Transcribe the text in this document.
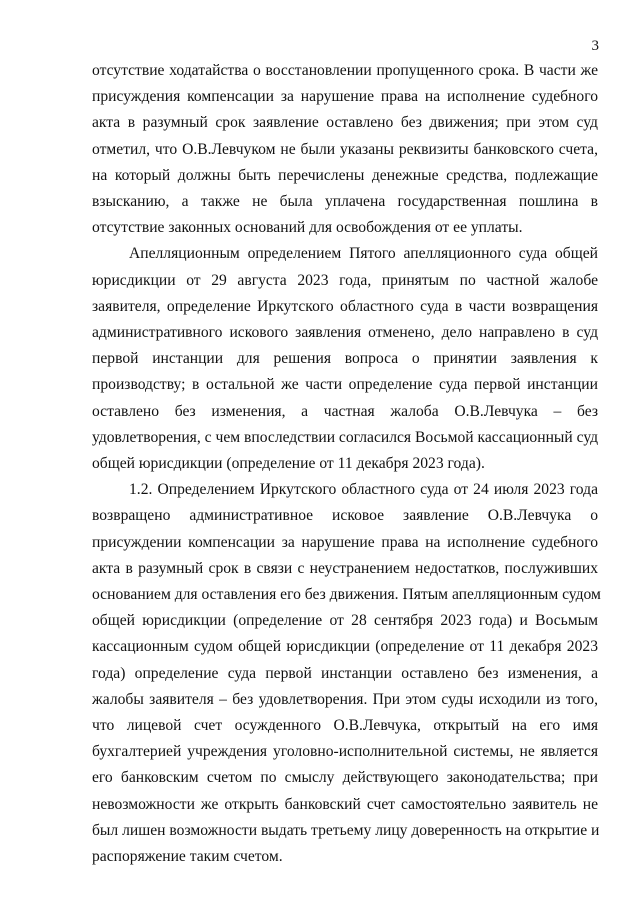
3

отсутствие ходатайства о восстановлении пропущенного срока. В части же
присуждения компенсации за нарушение права на исполнение судебного
акта в разумный срок заявление оставлено без движения; при этом суд
отметил, что О.В.Левчуком не были указаны реквизиты банковского счета,
на который должны быть перечислены денежные средства, подлежащие
взысканию, а также не была уплачена государственная пошлина в
отсутствие законных оснований для освобождения от ее уплаты.

Апелляционным определением Пятого апелляционного суда общей
юрисдикции от 29 августа 2023 года, принятым по частной жалобе
заявителя, определение Иркутского областного суда в части возвращения
административного искового заявления отменено, дело направлено в суд
первой инстанции для решения вопроса о принятии заявления к
производству; в остальной же части определение суда первой инстанции
оставлено без изменения, а частная жалоба О.В.Левчука – без
удовлетворения, с чем впоследствии согласился Восьмой кассационный суд
общей юрисдикции (определение от 11 декабря 2023 года).

1.2. Определением Иркутского областного суда от 24 июля 2023 года
возвращено административное исковое заявление О.В.Левчука о
присуждении компенсации за нарушение права на исполнение судебного
акта в разумный срок в связи с неустранением недостатков, послуживших
основанием для оставления его без движения. Пятым апелляционным судом
общей юрисдикции (определение от 28 сентября 2023 года) и Восьмым
кассационным судом общей юрисдикции (определение от 11 декабря 2023
года) определение суда первой инстанции оставлено без изменения, а
жалобы заявителя – без удовлетворения. При этом суды исходили из того,
что лицевой счет осужденного О.В.Левчука, открытый на его имя
бухгалтерией учреждения уголовно-исполнительной системы, не является
его банковским счетом по смыслу действующего законодательства; при
невозможности же открыть банковский счет самостоятельно заявитель не
был лишен возможности выдать третьему лицу доверенность на открытие и
распоряжение таким счетом.
